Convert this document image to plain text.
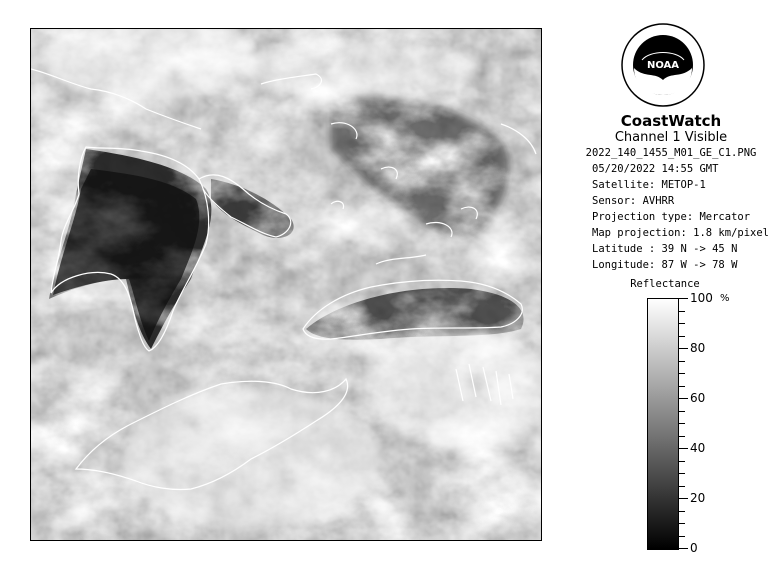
NOAA
CoastWatch
Channel 1 Visible
2022_140_1455_M01_GE_C1.PNG
05/20/2022 14:55 GMT
Satellite: METOP-1
Sensor: AVHRR
Projection type: Mercator
Map projection: 1.8 km/pixel
Latitude : 39 N -> 45 N
Longitude: 87 W -> 78 W
Reflectance
%
100
80
60
40
20
0
